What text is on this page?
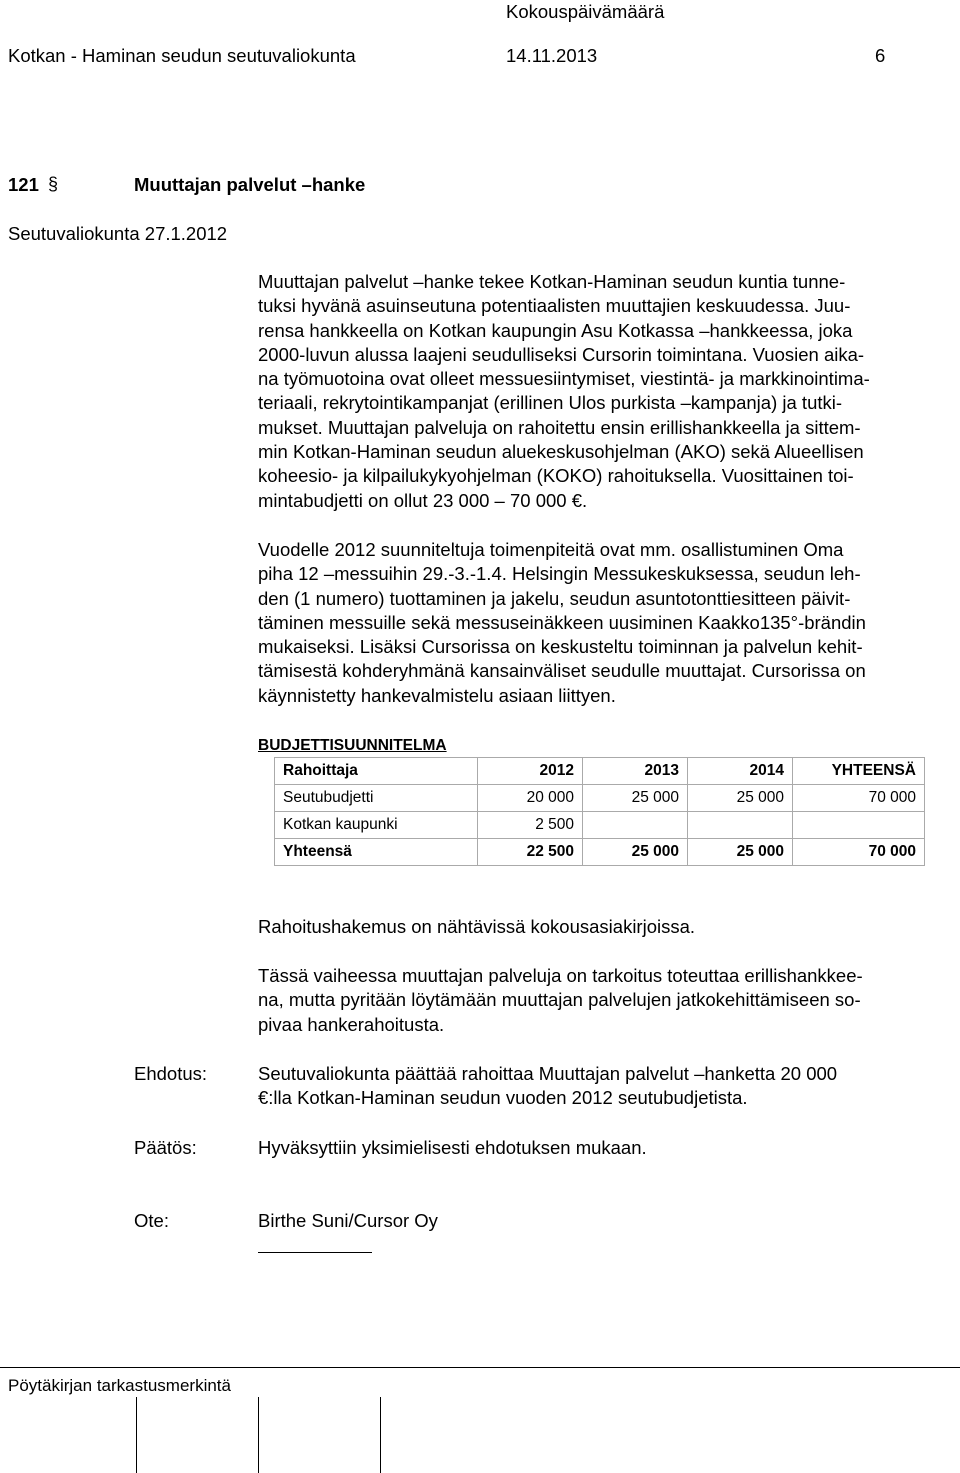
Kokouspäivämäärä
Kotkan - Haminan seudun seutuvaliokunta	14.11.2013	6
121 §	Muuttajan palvelut –hanke
Seutuvaliokunta 27.1.2012
Muuttajan palvelut –hanke tekee Kotkan-Haminan seudun kuntia tunne-
tuksi hyvänä asuinseutuna potentiaalisten muuttajien keskuudessa. Juu-
rensa hankkeella on Kotkan kaupungin Asu Kotkassa –hankkeessa, joka
2000-luvun alussa laajeni seudulliseksi Cursorin toimintana. Vuosien aika-
na työmuotoina ovat olleet messuesiintymiset, viestintä- ja markkinointima-
teriaali, rekrytointikampanjat (erillinen Ulos purkista –kampanja) ja tutki-
mukset. Muuttajan palveluja on rahoitettu ensin erillishankkeella ja sittem-
min Kotkan-Haminan seudun aluekeskusohjelman (AKO) sekä Alueellisen
koheesio- ja kilpailukykyohjelman (KOKO) rahoituksella. Vuosittainen toi-
mintabudjetti on ollut 23 000 – 70 000 €.
Vuodelle 2012 suunniteltuja toimenpiteitä ovat mm. osallistuminen Oma
piha 12 –messuihin 29.-3.-1.4. Helsingin Messukeskuksessa, seudun leh-
den (1 numero) tuottaminen ja jakelu, seudun asuntotonttiesitteen päivit-
täminen messuille sekä messuseinäkkeen uusiminen Kaakko135°-brändin
mukaiseksi. Lisäksi Cursorissa on keskusteltu toiminnan ja palvelun kehit-
tämisestä kohderyhmänä kansainväliset seudulle muuttajat. Cursorissa on
käynnistetty hankevalmistelu asiaan liittyen.
BUDJETTISUUNNITELMA
Rahoittaja	2012	2013	2014	YHTEENSÄ
Seutubudjetti	20 000	25 000	25 000	70 000
Kotkan kaupunki	2 500			
Yhteensä	22 500	25 000	25 000	70 000
Rahoitushakemus on nähtävissä kokousasiakirjoissa.
Tässä vaiheessa muuttajan palveluja on tarkoitus toteuttaa erillishankkee-
na, mutta pyritään löytämään muuttajan palvelujen jatkokehittämiseen so-
pivaa hankerahoitusta.
Ehdotus:	Seutuvaliokunta päättää rahoittaa Muuttajan palvelut –hanketta 20 000
€:lla Kotkan-Haminan seudun vuoden 2012 seutubudjetista.
Päätös:	Hyväksyttiin yksimielisesti ehdotuksen mukaan.
Ote:	Birthe Suni/Cursor Oy
Pöytäkirjan tarkastusmerkintä
